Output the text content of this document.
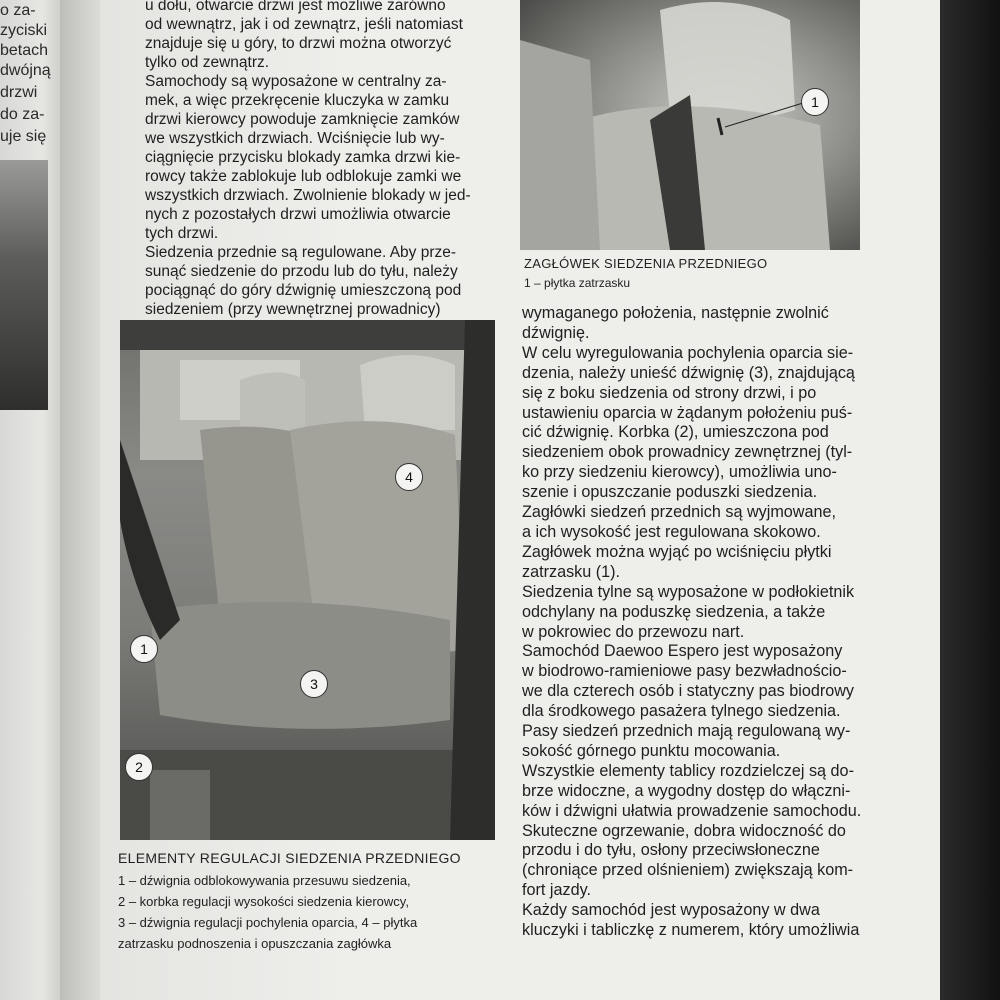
o za-
zyciski
betach
dwójną
drzwi
do za-
uje się

u dołu, otwarcie drzwi jest możliwe zarówno

od wewnątrz, jak i od zewnątrz, jeśli natomiast

znajduje się u góry, to drzwi można otworzyć

tylko od zewnątrz.

Samochody są wyposażone w centralny za-

mek, a więc przekręcenie kluczyka w zamku

drzwi kierowcy powoduje zamknięcie zamków

we wszystkich drzwiach. Wciśnięcie lub wy-

ciągnięcie przycisku blokady zamka drzwi kie-

rowcy także zablokuje lub odblokuje zamki we

wszystkich drzwiach. Zwolnienie blokady w jed-

nych z pozostałych drzwi umożliwia otwarcie

tych drzwi.

Siedzenia przednie są regulowane. Aby prze-

sunąć siedzenie do przodu lub do tyłu, należy

pociągnąć do góry dźwignię umieszczoną pod

siedzeniem (przy wewnętrznej prowadnicy)

1
ZAGŁÓWEK SIEDZENIA PRZEDNIEGO
1 – płytka zatrzasku
1
2
3
4
ELEMENTY REGULACJI SIEDZENIA PRZEDNIEGO
1 – dźwignia odblokowywania przesuwu siedzenia,
2 – korbka regulacji wysokości siedzenia kierowcy,
3 – dźwignia regulacji pochylenia oparcia, 4 – płytka
zatrzasku podnoszenia i opuszczania zagłówka

wymaganego położenia, następnie zwolnić

dźwignię.

W celu wyregulowania pochylenia oparcia sie-

dzenia, należy unieść dźwignię (3), znajdującą

się z boku siedzenia od strony drzwi, i po

ustawieniu oparcia w żądanym położeniu puś-

cić dźwignię. Korbka (2), umieszczona pod

siedzeniem obok prowadnicy zewnętrznej (tyl-

ko przy siedzeniu kierowcy), umożliwia uno-

szenie i opuszczanie poduszki siedzenia.

Zagłówki siedzeń przednich są wyjmowane,

a ich wysokość jest regulowana skokowo.

Zagłówek można wyjąć po wciśnięciu płytki

zatrzasku (1).

Siedzenia tylne są wyposażone w podłokietnik

odchylany na poduszkę siedzenia, a także

w pokrowiec do przewozu nart.

Samochód Daewoo Espero jest wyposażony

w biodrowo-ramieniowe pasy bezwładnościo-

we dla czterech osób i statyczny pas biodrowy

dla środkowego pasażera tylnego siedzenia.

Pasy siedzeń przednich mają regulowaną wy-

sokość górnego punktu mocowania.

Wszystkie elementy tablicy rozdzielczej są do-

brze widoczne, a wygodny dostęp do włączni-

ków i dźwigni ułatwia prowadzenie samochodu.

Skuteczne ogrzewanie, dobra widoczność do

przodu i do tyłu, osłony przeciwsłoneczne

(chroniące przed olśnieniem) zwiększają kom-

fort jazdy.

Każdy samochód jest wyposażony w dwa

kluczyki i tabliczkę z numerem, który umożliwia
